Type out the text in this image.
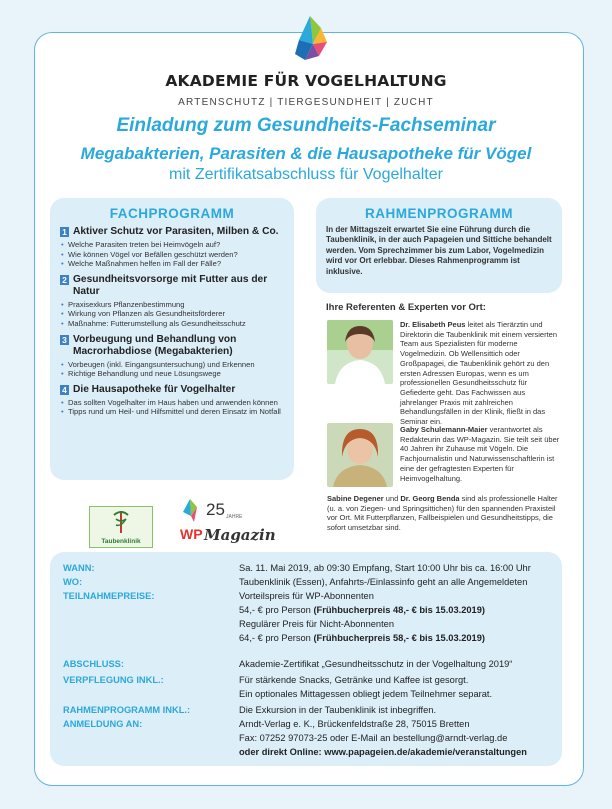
AKADEMIE FÜR VOGELHALTUNG
ARTENSCHUTZ | TIERGESUNDHEIT | ZUCHT
Einladung zum Gesundheits-Fachseminar
Megabakterien, Parasiten & die Hausapotheke für Vögel
mit Zertifikatsabschluss für Vogelhalter
FACHPROGRAMM
1 Aktiver Schutz vor Parasiten, Milben & Co.
• Welche Parasiten treten bei Heimvögeln auf?
• Wie können Vögel vor Befällen geschützt werden?
• Welche Maßnahmen helfen im Fall der Fälle?
2 Gesundheitsvorsorge mit Futter aus der Natur
• Praxisexkurs Pflanzenbestimmung
• Wirkung von Pflanzen als Gesundheitsförderer
• Maßnahme: Futterumstellung als Gesundheitsschutz
3 Vorbeugung und Behandlung von Macrorhabdiose (Megabakterien)
• Vorbeugen (inkl. Eingangsuntersuchung) und Erkennen
• Richtige Behandlung und neue Lösungswege
4 Die Hausapotheke für Vogelhalter
• Das sollten Vogelhalter im Haus haben und anwenden können
• Tipps rund um Heil- und Hilfsmittel und deren Einsatz im Notfall
RAHMENPROGRAMM
In der Mittagszeit erwartet Sie eine Führung durch die Taubenklinik, in der auch Papageien und Sittiche behandelt werden. Vom Sprechzimmer bis zum Labor, Vogelmedizin wird vor Ort erlebbar. Dieses Rahmenprogramm ist inklusive.
Ihre Referenten & Experten vor Ort:
Dr. Elisabeth Peus leitet als Tierärztin und Direktorin die Taubenklinik mit einem versierten Team aus Spezialisten für moderne Vogelmedizin. Ob Wellensittich oder Großpapagei, die Taubenklinik gehört zu den ersten Adressen Europas, wenn es um professionellen Gesundheitsschutz für Gefiederte geht. Das Fachwissen aus jahrelanger Praxis mit zahlreichen Behandlungsfällen in der Klinik, fließt in das Seminar ein.
Gaby Schulemann-Maier verantwortet als Redakteurin das WP-Magazin. Sie teilt seit über 40 Jahren ihr Zuhause mit Vögeln. Die Fachjournalistin und Naturwissenschaftlerin ist eine der gefragtesten Experten für Heimvogelhaltung.
Sabine Degener und Dr. Georg Benda sind als professionelle Halter (u. a. von Ziegen- und Springsittichen) für den spannenden Praxisteil vor Ort. Mit Futterpflanzen, Fallbeispielen und Gesundheitstipps, die sofort umsetzbar sind.
Taubenklinik
25 JAHRE
WP Magazin
WANN:	Sa. 11. Mai 2019, ab 09:30 Empfang, Start 10:00 Uhr bis ca. 16:00 Uhr
WO:	Taubenklinik (Essen), Anfahrts-/Einlassinfo geht an alle Angemeldeten
TEILNAHMEPREISE:	Vorteilspreis für WP-Abonnenten
54,- € pro Person (Frühbucherpreis 48,- € bis 15.03.2019)
Regulärer Preis für Nicht-Abonnenten
64,- € pro Person (Frühbucherpreis 58,- € bis 15.03.2019)
ABSCHLUSS:	Akademie-Zertifikat „Gesundheitsschutz in der Vogelhaltung 2019“
VERPFLEGUNG INKL.:	Für stärkende Snacks, Getränke und Kaffee ist gesorgt.
Ein optionales Mittagessen obliegt jedem Teilnehmer separat.
RAHMENPROGRAMM INKL.:	Die Exkursion in der Taubenklinik ist inbegriffen.
ANMELDUNG AN:	Arndt-Verlag e. K., Brückenfeldstraße 28, 75015 Bretten
Fax: 07252 97073-25 oder E-Mail an bestellung@arndt-verlag.de
oder direkt Online: www.papageien.de/akademie/veranstaltungen
